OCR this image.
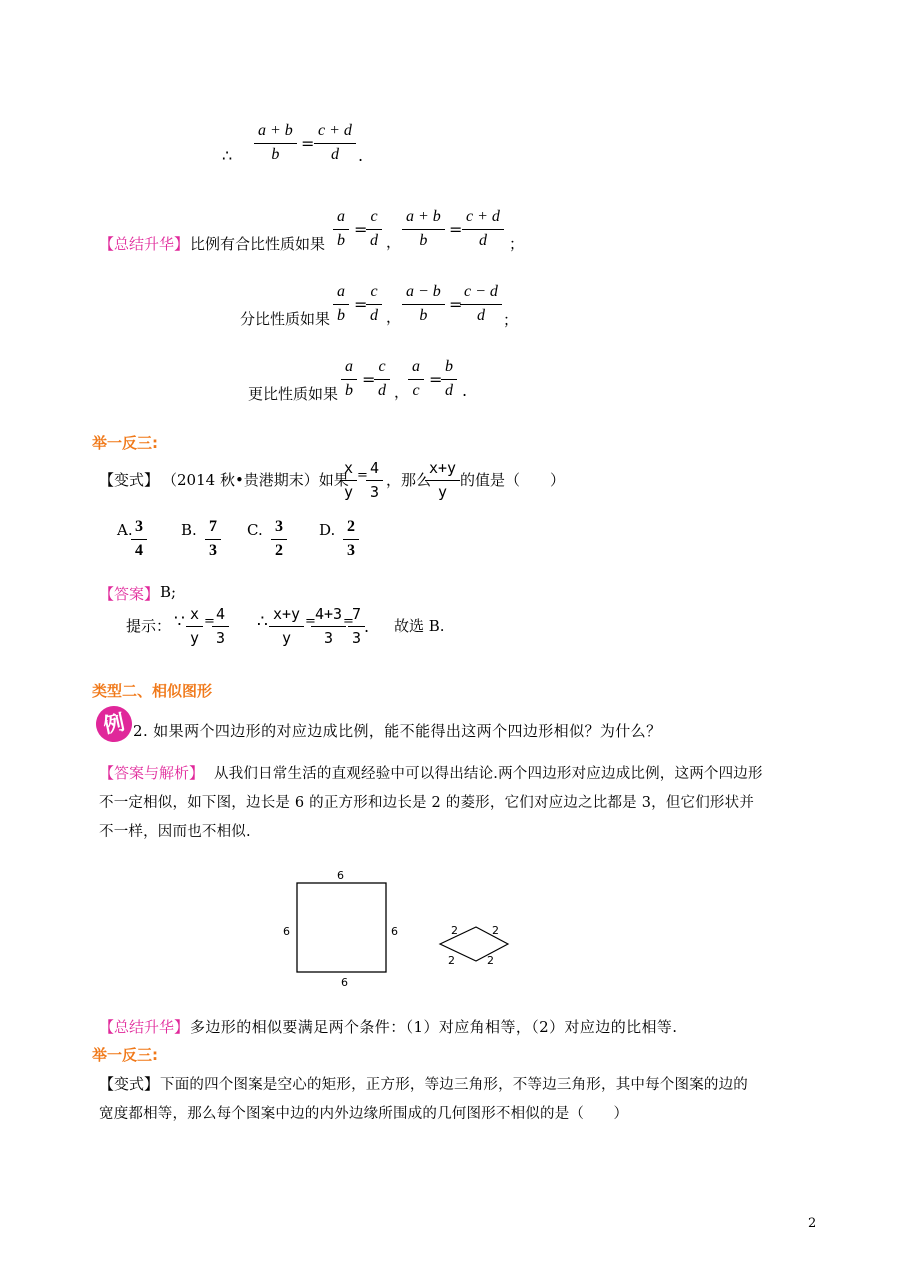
∴
a + b
b
=
c + d
d	.
【总结升华】 比例有合比性质如果
a
b
=
c
d ，
a + b
b
=
c + d
d	；
分比性质如果
a
b
=
c
d ，
a − b
b
=
c − d
d	；
更比性质如果
a
b
=
c
d ，
a
c
=
b
d .
举一反三:
【变式】 （2014 秋•贵港期末）如果
x
y
= 4
3
，那么
x+y
y
的值是（　　）
A. 3
4
B. 7
3
C. 3
2
D. 2
3
【答案】 B;
提示： ∵ x
y
= 4
3
∴ x+y
y
= 4+3
3
=
7
3
. 故选 B.
类型二、相似图形
例 2. 如果两个四边形的对应边成比例，能不能得出这两个四边形相似？为什么？
【答案与解析】 从我们日常生活的直观经验中可以得出结论.两个四边形对应边成比例，这两个四边形
不一定相似，如下图，边长是 6 的正方形和边长是 2 的菱形，它们对应边之比都是 3，但它们形状并
不一样，因而也不相似.
6
6	6
6
2	2
2	2
【总结升华】 多边形的相似要满足两个条件：（1）对应角相等，（2）对应边的比相等.
举一反三:
【变式】 下面的四个图案是空心的矩形，正方形，等边三角形，不等边三角形，其中每个图案的边的
宽度都相等，那么每个图案中边的内外边缘所围成的几何图形不相似的是（　　）
2
